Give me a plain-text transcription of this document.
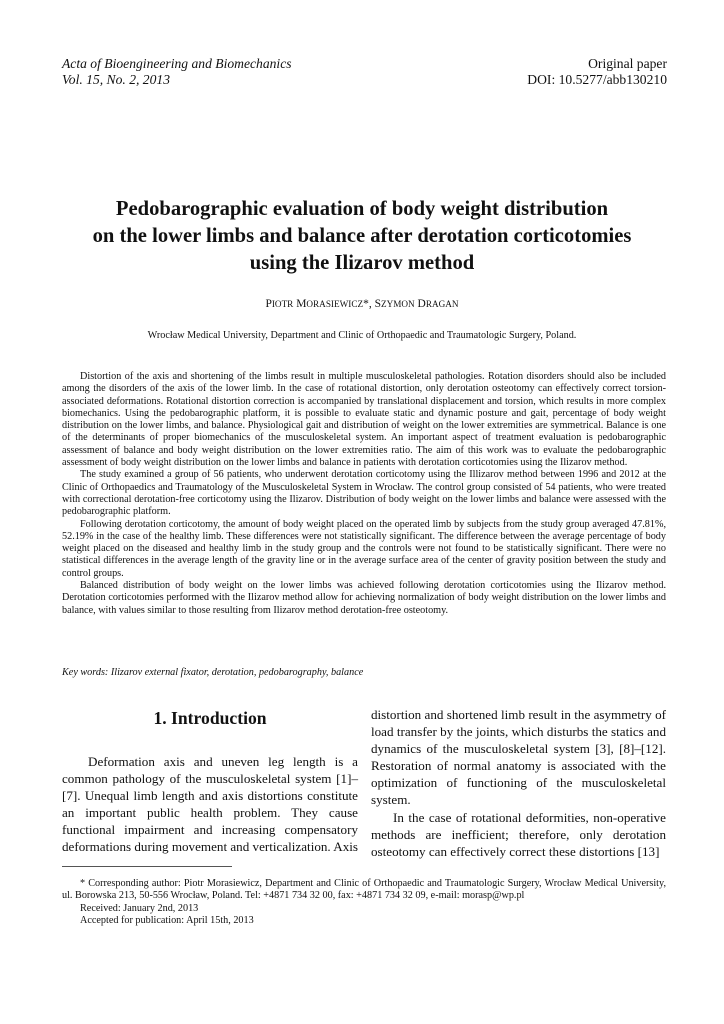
Acta of Bioengineering and Biomechanics
Vol. 15, No. 2, 2013
Original paper
DOI: 10.5277/abb130210
Pedobarographic evaluation of body weight distribution
on the lower limbs and balance after derotation corticotomies
using the Ilizarov method
PIOTR MORASIEWICZ*, SZYMON DRAGAN
Wrocław Medical University, Department and Clinic of Orthopaedic and Traumatologic Surgery, Poland.

Distortion of the axis and shortening of the limbs result in multiple musculoskeletal pathologies. Rotation disorders should also be included among the disorders of the axis of the lower limb. In the case of rotational distortion, only derotation osteotomy can effectively correct torsion-associated deformations. Rotational distortion correction is accompanied by translational displacement and torsion, which results in more complex biomechanics. Using the pedobarographic platform, it is possible to evaluate static and dynamic posture and gait, percentage of body weight distribution on the lower limbs, and balance. Physiological gait and distribution of weight on the lower extremities are symmetrical. Balance is one of the determinants of proper biomechanics of the musculoskeletal system. An important aspect of treatment evaluation is pedobarographic assessment of balance and body weight distribution on the lower extremities ratio. The aim of this work was to evaluate the pedobarographic assessment of body weight distribution on the lower limbs and balance in patients with derotation corticotomies using the Ilizarov method.

The study examined a group of 56 patients, who underwent derotation corticotomy using the Illizarov method between 1996 and 2012 at the Clinic of Orthopaedics and Traumatology of the Musculoskeletal System in Wrocław. The control group consisted of 54 patients, who were treated with correctional derotation-free corticotomy using the Ilizarov. Distribution of body weight on the lower limbs and balance were assessed with the pedobarographic platform.

Following derotation corticotomy, the amount of body weight placed on the operated limb by subjects from the study group averaged 47.81%, 52.19% in the case of the healthy limb. These differences were not statistically significant. The difference between the average percentage of body weight placed on the diseased and healthy limb in the study group and the controls were not found to be statistically significant. There were no statistical differences in the average length of the gravity line or in the average surface area of the center of gravity position between the study and control groups.

Balanced distribution of body weight on the lower limbs was achieved following derotation corticotomies using the Ilizarov method. Derotation corticotomies performed with the Ilizarov method allow for achieving normalization of body weight distribution on the lower limbs and balance, with values similar to those resulting from Ilizarov method derotation-free osteotomy.

Key words: Ilizarov external fixator, derotation, pedobarography, balance
1. Introduction

Deformation axis and uneven leg length is a common pathology of the musculoskeletal system [1]–[7]. Unequal limb length and axis distortions constitute an important public health problem. They cause functional impairment and increasing compensatory deformations during movement and verticalization. Axis

distortion and shortened limb result in the asymmetry of load transfer by the joints, which disturbs the statics and dynamics of the musculoskeletal system [3], [8]–[12]. Restoration of normal anatomy is associated with the optimization of functioning of the musculoskeletal system.

In the case of rotational deformities, non-operative methods are inefficient; therefore, only derotation osteotomy can effectively correct these distortions [13]

* Corresponding author: Piotr Morasiewicz, Department and Clinic of Orthopaedic and Traumatologic Surgery, Wrocław Medical University, ul. Borowska 213, 50-556 Wrocław, Poland. Tel: +4871 734 32 00, fax: +4871 734 32 09, e-mail: morasp@wp.pl

Received: January 2nd, 2013

Accepted for publication: April 15th, 2013
